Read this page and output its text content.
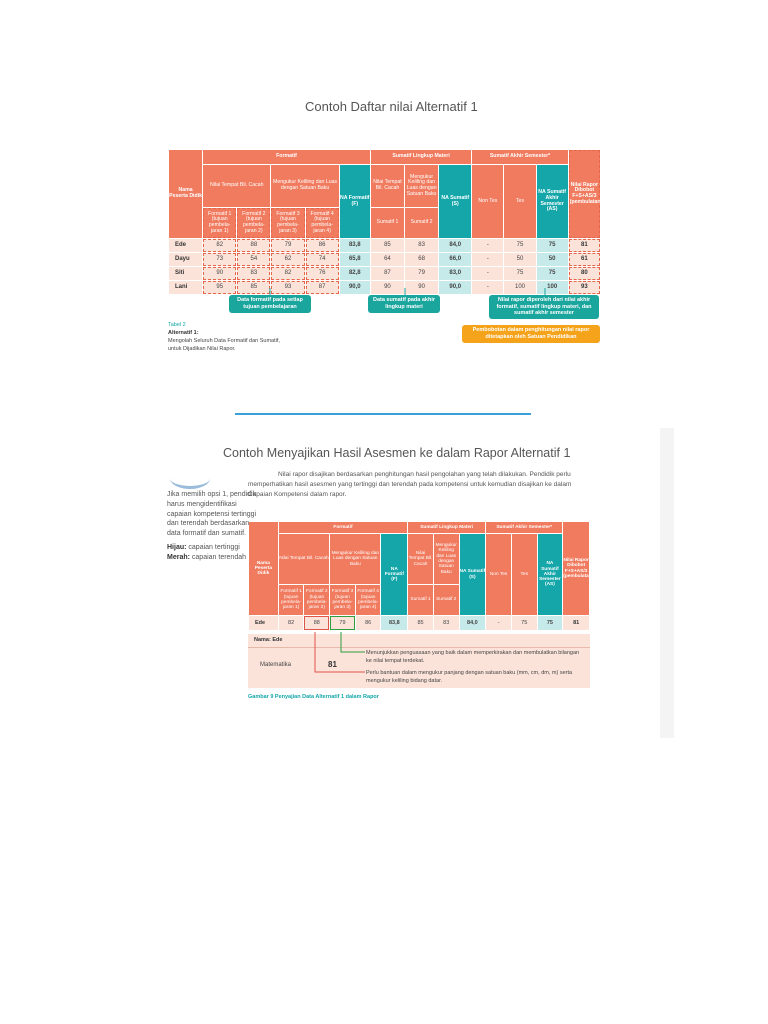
Contoh Daftar nilai Alternatif 1
Nama Peserta Didik	Formatif					Sumatif Lingkup Materi			Sumatif Akhir Semester*			Nilai Rapor Dibobot F+S+AS/3 (pembulatan)
	Nilai Tempat Bil. Cacah		Mengukur Keliling dan Luas dengan Satuan Baku		NA Formatif (F)	Nilai Tempat Bil. Cacah	Mengukur Keliling dan Luas dengan Satuan Baku	NA Sumatif (S)	Non Tes	Tes	NA Sumatif Akhir Semester (AS)	
	Formatif 1 (tujuan pembela-jaran 1)	Formatif 2 (tujuan pembela-jaran 2)	Formatif 3 (tujuan pembela-jaran 3)	Formatif 4 (tujuan pembela-jaran 4)		Sumatif 1	Sumatif 2					
Ede	82	88	79	86	83,8	85	83	84,0	-	75	75	81
Dayu	73	54	62	74	65,8	64	68	66,0	-	50	50	61
Siti	90	83	82	76	82,8	87	79	83,0	-	75	75	80
Lani	95	85	93	87	90,0	90	90	90,0	-	100	100	93
Data formatif pada setiap tujuan pembelajaran
Data sumatif pada akhir lingkup materi
Nilai rapor diperoleh dari nilai akhir formatif, sumatif lingkup materi, dan sumatif akhir semester
Pembobotan dalam penghitungan nilai rapor ditetapkan oleh Satuan Pendidikan
Tabel 2
Alternatif 1:
Mengolah Seluruh Data Formatif dan Sumatif, untuk Dijadikan Nilai Rapor.
Contoh Menyajikan Hasil Asesmen ke dalam Rapor Alternatif 1
Jika memilih opsi 1, pendidik harus mengidentifikasi capaian kompetensi tertinggi dan terendah berdasarkan data formatif dan sumatif.
Hijau: capaian tertinggi
Merah: capaian terendah
Nilai rapor disajikan berdasarkan penghitungan hasil pengolahan yang telah dilakukan. Pendidik perlu memperhatikan hasil asesmen yang tertinggi dan terendah pada kompetensi untuk kemudian disajikan ke dalam Capaian Kompetensi dalam rapor.
Nama Peserta Didik	Formatif					Sumatif Lingkup Materi			Sumatif Akhir Semester*			Nilai Rapor Dibobot F+S+AS/3 (pembulatan)
	Nilai Tempat Bil. Cacah		Mengukur Keliling dan Luas dengan Satuan Baku		NA Formatif (F)	Nilai Tempat Bil. Cacah	Mengukur Keliling dan Luas dengan Satuan Baku	NA Sumatif (S)	Non Tes	Tes	NA Sumatif Akhir Semester (AS)	
	Formatif 1 (tujuan pembela-jaran 1)	Formatif 2 (tujuan pembela-jaran 2)	Formatif 3 (tujuan pembela-jaran 3)	Formatif 4 (tujuan pembela-jaran 4)		Sumatif 1	Sumatif 2					
Ede	82	88	79	86	83,8	85	83	84,0	-	75	75	81
Nama: Ede
Matematika	81
Menunjukkan penguasaan yang baik dalam memperkirakan dan membulatkan bilangan ke nilai tempat terdekat.
Perlu bantuan dalam mengukur panjang dengan satuan baku (mm, cm, dm, m) serta mengukur keliling bidang datar.
Gambar 9 Penyajian Data Alternatif 1 dalam Rapor
